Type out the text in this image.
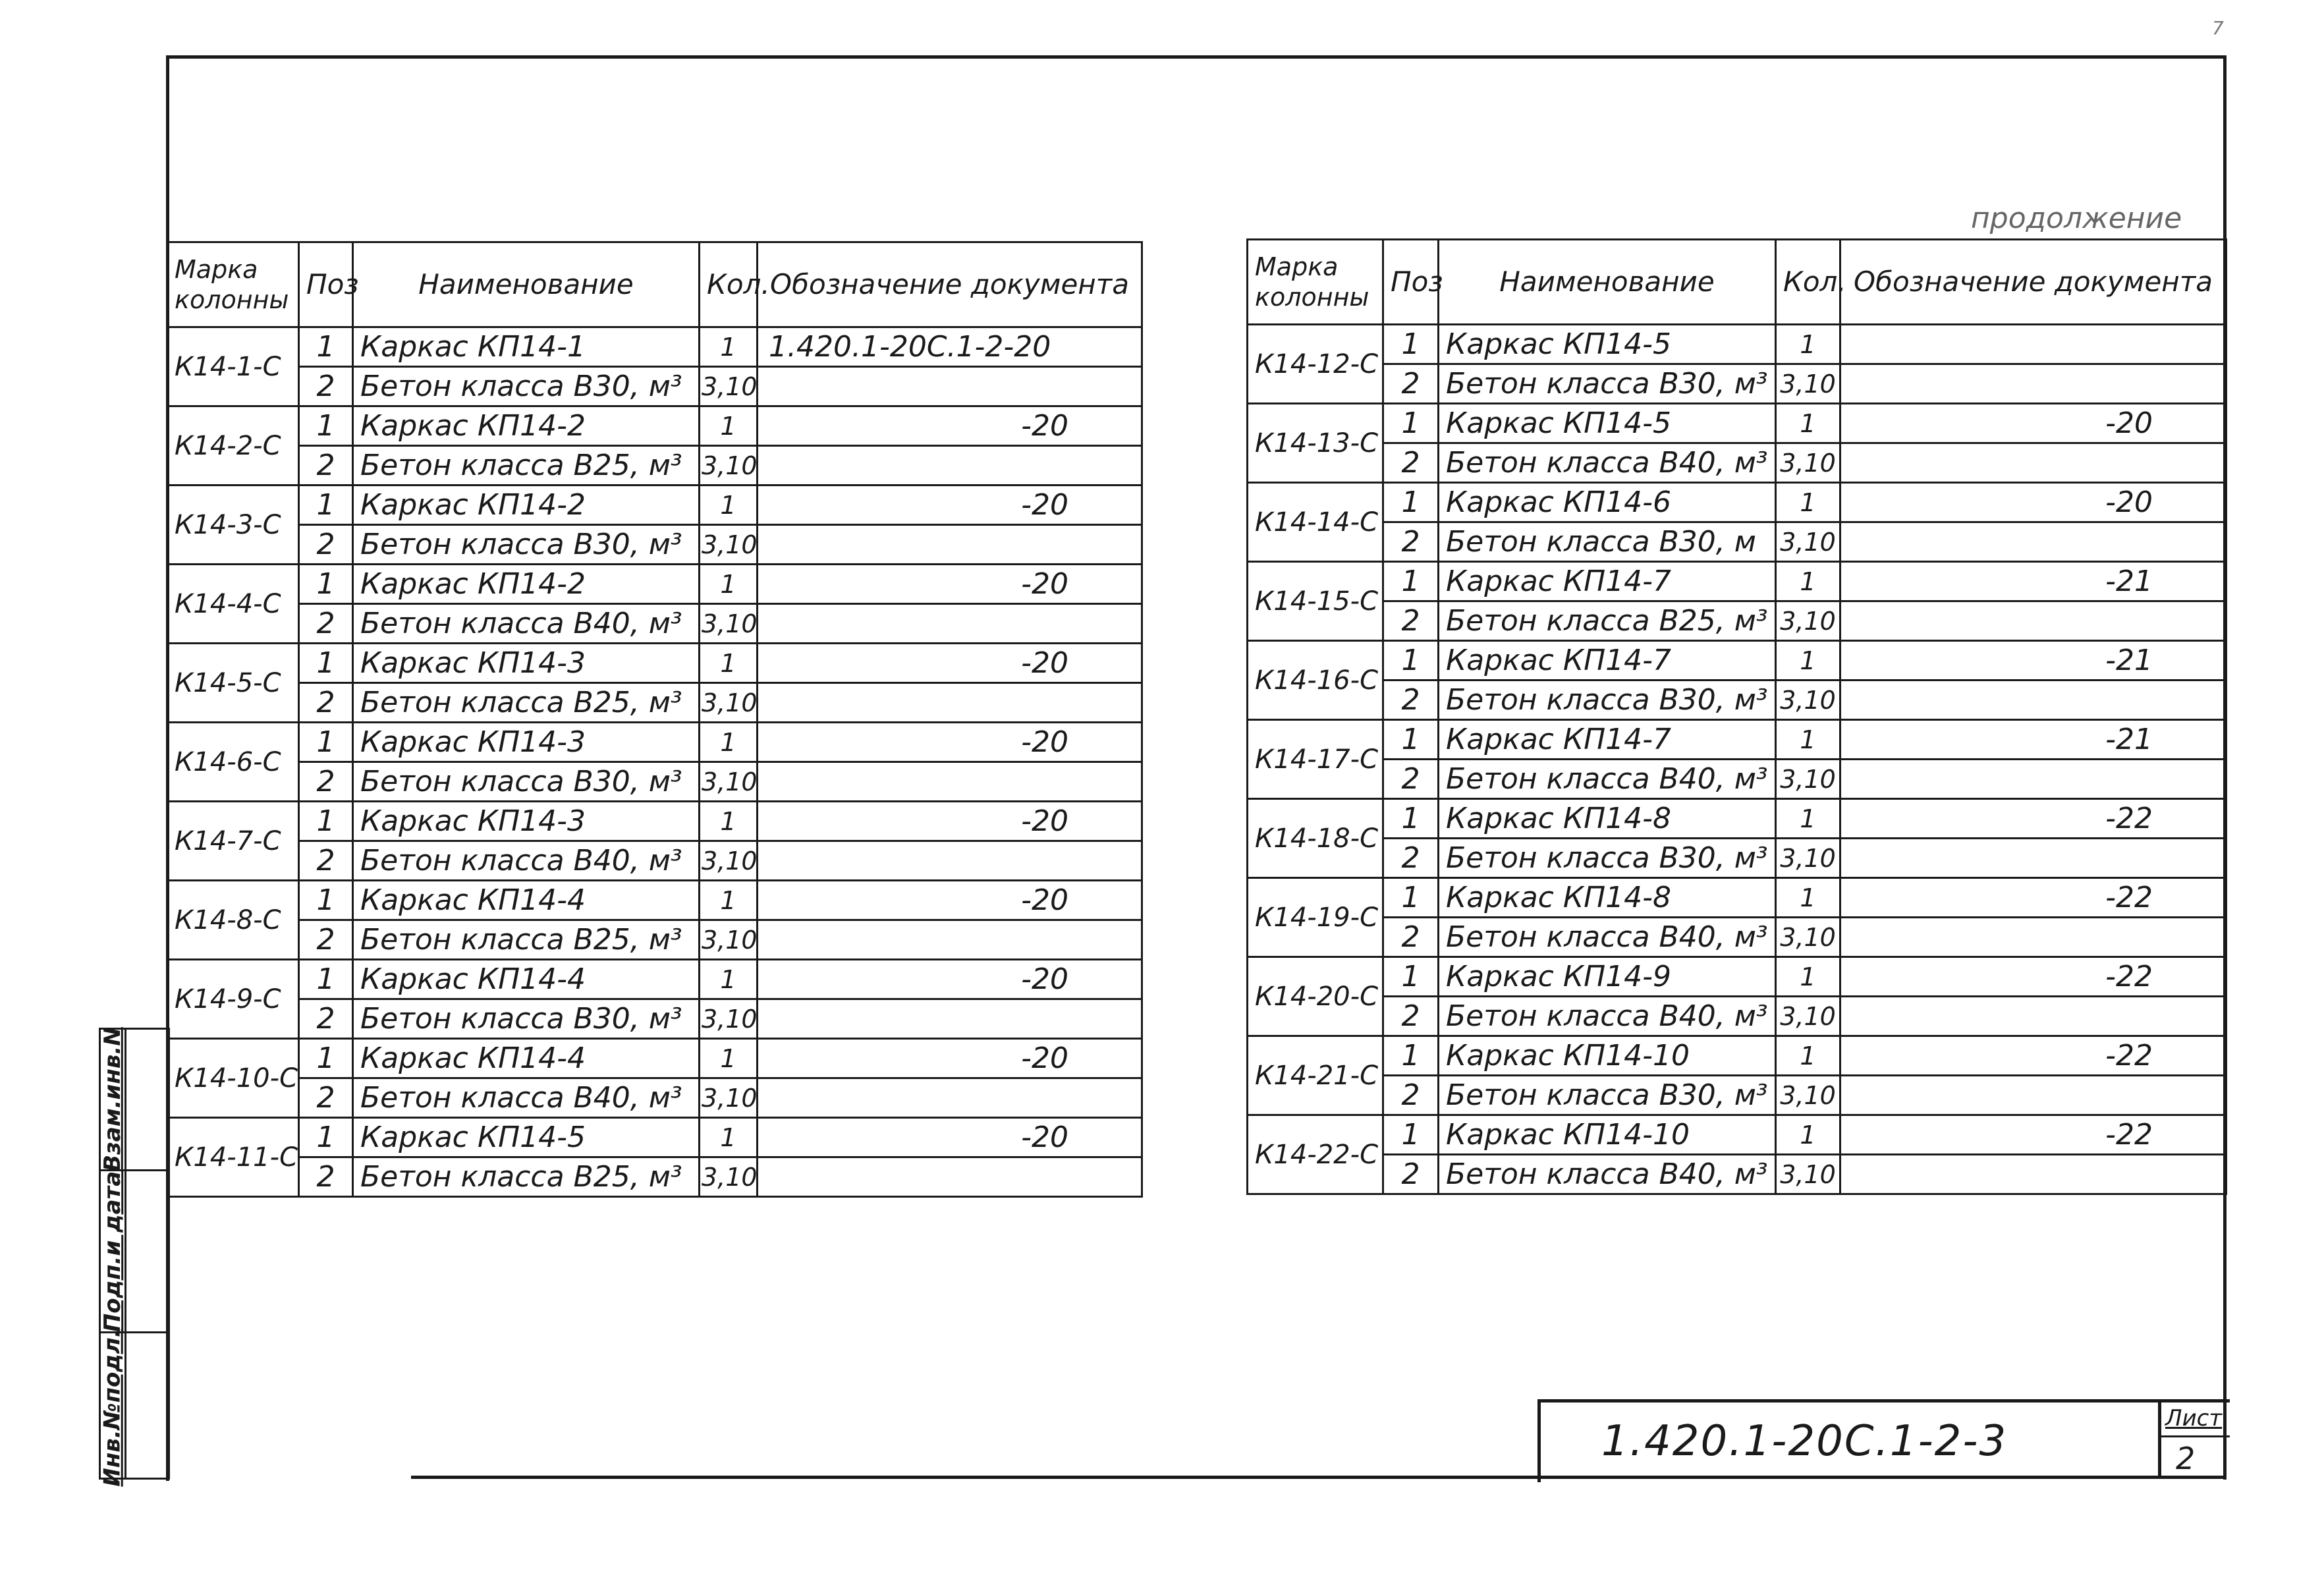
7
продолжение
Марка колонны	Поз	Наименование	Кол.	Обозначение документа
К14-1-С	1	Каркас КП14-1	1	1.420.1-20С.1-2-20
	2	Бетон класса В30, м³	3,10	
К14-2-С	1	Каркас КП14-2	1	-20
	2	Бетон класса В25, м³	3,10	
К14-3-С	1	Каркас КП14-2	1	-20
	2	Бетон класса В30, м³	3,10	
К14-4-С	1	Каркас КП14-2	1	-20
	2	Бетон класса В40, м³	3,10	
К14-5-С	1	Каркас КП14-3	1	-20
	2	Бетон класса В25, м³	3,10	
К14-6-С	1	Каркас КП14-3	1	-20
	2	Бетон класса В30, м³	3,10	
К14-7-С	1	Каркас КП14-3	1	-20
	2	Бетон класса В40, м³	3,10	
К14-8-С	1	Каркас КП14-4	1	-20
	2	Бетон класса В25, м³	3,10	
К14-9-С	1	Каркас КП14-4	1	-20
	2	Бетон класса В30, м³	3,10	
К14-10-С	1	Каркас КП14-4	1	-20
	2	Бетон класса В40, м³	3,10	
К14-11-С	1	Каркас КП14-5	1	-20
	2	Бетон класса В25, м³	3,10	
Марка колонны	Поз	Наименование	Кол.	Обозначение документа
К14-12-С	1	Каркас КП14-5	1	
	2	Бетон класса В30, м³	3,10	
К14-13-С	1	Каркас КП14-5	1	-20
	2	Бетон класса В40, м³	3,10	
К14-14-С	1	Каркас КП14-6	1	-20
	2	Бетон класса В30, м	3,10	
К14-15-С	1	Каркас КП14-7	1	-21
	2	Бетон класса В25, м³	3,10	
К14-16-С	1	Каркас КП14-7	1	-21
	2	Бетон класса В30, м³	3,10	
К14-17-С	1	Каркас КП14-7	1	-21
	2	Бетон класса В40, м³	3,10	
К14-18-С	1	Каркас КП14-8	1	-22
	2	Бетон класса В30, м³	3,10	
К14-19-С	1	Каркас КП14-8	1	-22
	2	Бетон класса В40, м³	3,10	
К14-20-С	1	Каркас КП14-9	1	-22
	2	Бетон класса В40, м³	3,10	
К14-21-С	1	Каркас КП14-10	1	-22
	2	Бетон класса В30, м³	3,10	
К14-22-С	1	Каркас КП14-10	1	-22
	2	Бетон класса В40, м³	3,10	
Взам.инв.N
Подп.и дата
Инв.№подл.	1.420.1-20С.1-2-3	Лист
2
